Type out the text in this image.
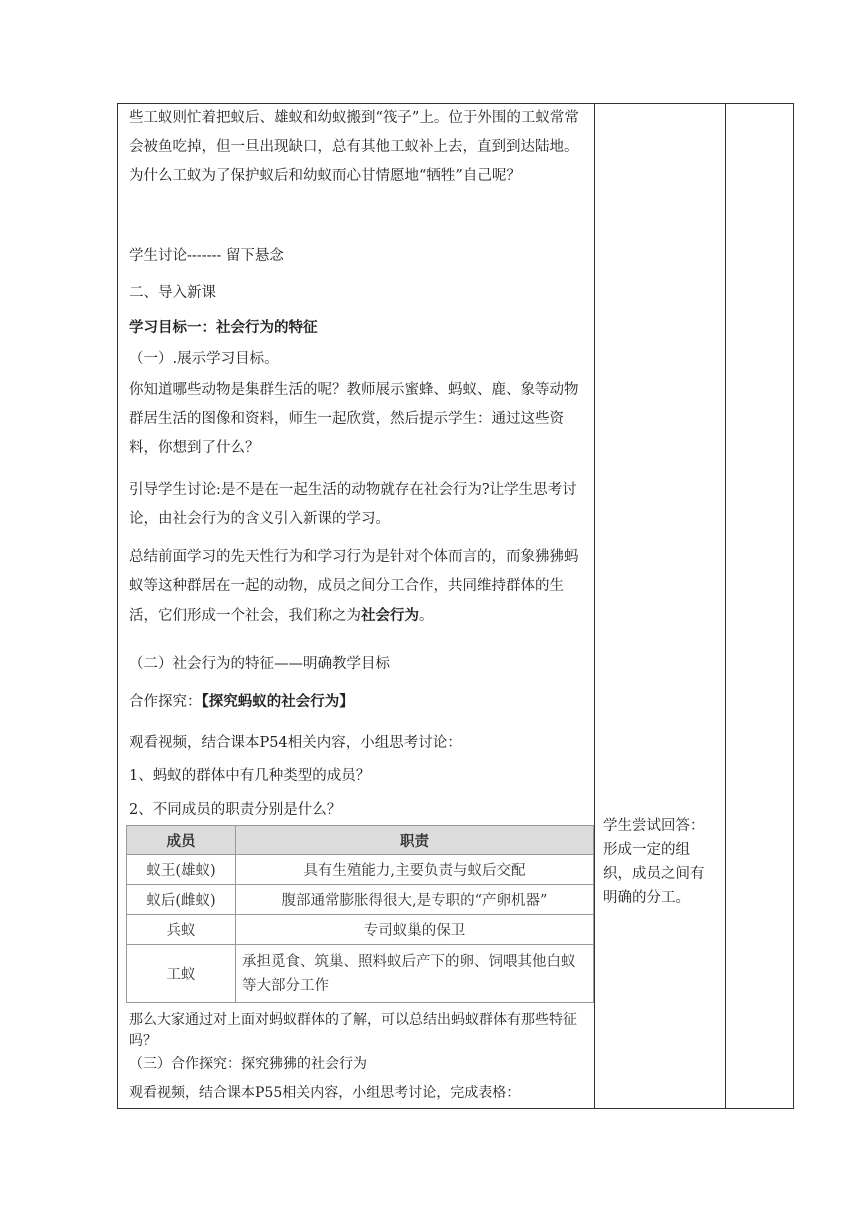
些工蚁则忙着把蚁后、雄蚁和幼蚁搬到“筏子”上。位于外围的工蚁常常会被鱼吃掉，但一旦出现缺口，总有其他工蚁补上去，直到到达陆地。为什么工蚁为了保护蚁后和幼蚁而心甘情愿地“牺牲”自己呢？

学生讨论------- 留下悬念

二、导入新课

学习目标一：社会行为的特征

（一）.展示学习目标。

你知道哪些动物是集群生活的呢？教师展示蜜蜂、蚂蚁、鹿、象等动物群居生活的图像和资料，师生一起欣赏，然后提示学生：通过这些资料，你想到了什么？

引导学生讨论:是不是在一起生活的动物就存在社会行为?让学生思考讨论，由社会行为的含义引入新课的学习。

总结前面学习的先天性行为和学习行为是针对个体而言的，而象狒狒蚂蚁等这种群居在一起的动物，成员之间分工合作，共同维持群体的生活，它们形成一个社会，我们称之为社会行为。

（二）社会行为的特征——明确教学目标

合作探究：【探究蚂蚁的社会行为】

观看视频，结合课本P54相关内容，小组思考讨论：

1、蚂蚁的群体中有几种类型的成员？

2、不同成员的职责分别是什么？

成员	职责
蚁王(雄蚁)	具有生殖能力,主要负责与蚁后交配
蚁后(雌蚁)	腹部通常膨胀得很大,是专职的“产卵机器”
兵蚁	专司蚁巢的保卫
工蚁	承担觅食、筑巢、照料蚁后产下的卵、饲喂其他白蚁等大部分工作

那么大家通过对上面对蚂蚁群体的了解，可以总结出蚂蚁群体有那些特征吗？

（三）合作探究：探究狒狒的社会行为

观看视频，结合课本P55相关内容，小组思考讨论，完成表格：

学生尝试回答：形成一定的组织，成员之间有明确的分工。
